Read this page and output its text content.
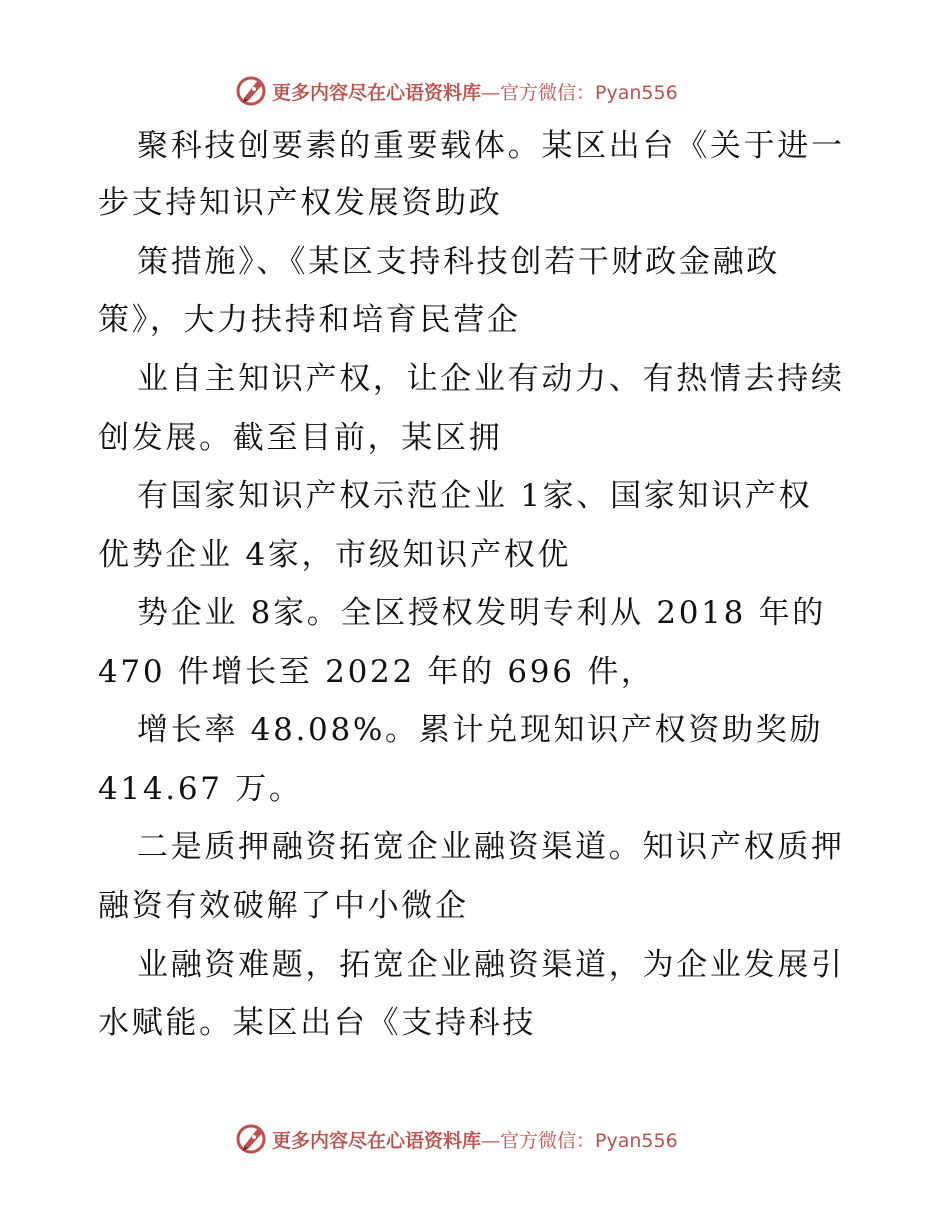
更多内容尽在心语资料库—官方微信：Pyan556
聚科技创要素的重要载体。某区出台《关于进一
步支持知识产权发展资助政
策措施》、《某区支持科技创若干财政金融政
策》，大力扶持和培育民营企
业自主知识产权，让企业有动力、有热情去持续
创发展。截至目前，某区拥
有国家知识产权示范企业 1家、国家知识产权
优势企业 4家，市级知识产权优
势企业 8家。全区授权发明专利从 2018 年的
470 件增长至 2022 年的 696 件，
增长率 48.08%。累计兑现知识产权资助奖励
414.67 万。
二是质押融资拓宽企业融资渠道。知识产权质押
融资有效破解了中小微企
业融资难题，拓宽企业融资渠道，为企业发展引
水赋能。某区出台《支持科技
更多内容尽在心语资料库—官方微信：Pyan556
